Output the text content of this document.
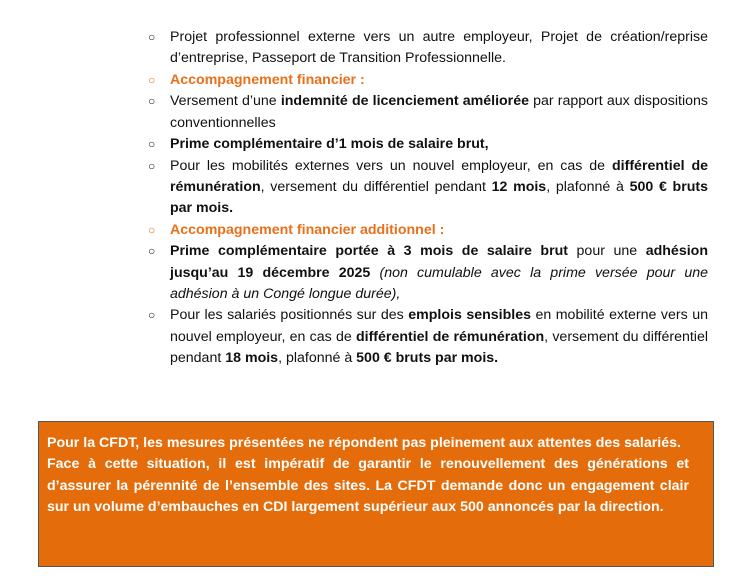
○ Projet professionnel externe vers un autre employeur, Projet de création/reprise d’entreprise, Passeport de Transition Professionnelle.
○ Accompagnement financier :
○ Versement d’une indemnité de licenciement améliorée par rapport aux dispositions conventionnelles
○ Prime complémentaire d’1 mois de salaire brut,
○ Pour les mobilités externes vers un nouvel employeur, en cas de différentiel de rémunération, versement du différentiel pendant 12 mois, plafonné à 500 € bruts par mois.
○ Accompagnement financier additionnel :
○ Prime complémentaire portée à 3 mois de salaire brut pour une adhésion jusqu’au 19 décembre 2025 (non cumulable avec la prime versée pour une adhésion à un Congé longue durée),
○ Pour les salariés positionnés sur des emplois sensibles en mobilité externe vers un nouvel employeur, en cas de différentiel de rémunération, versement du différentiel pendant 18 mois, plafonné à 500 € bruts par mois.

Pour la CFDT, les mesures présentées ne répondent pas pleinement aux attentes des salariés.

Face à cette situation, il est impératif de garantir le renouvellement des générations et d’assurer la pérennité de l’ensemble des sites. La CFDT demande donc un engagement clair sur un volume d’embauches en CDI largement supérieur aux 500 annoncés par la direction.
